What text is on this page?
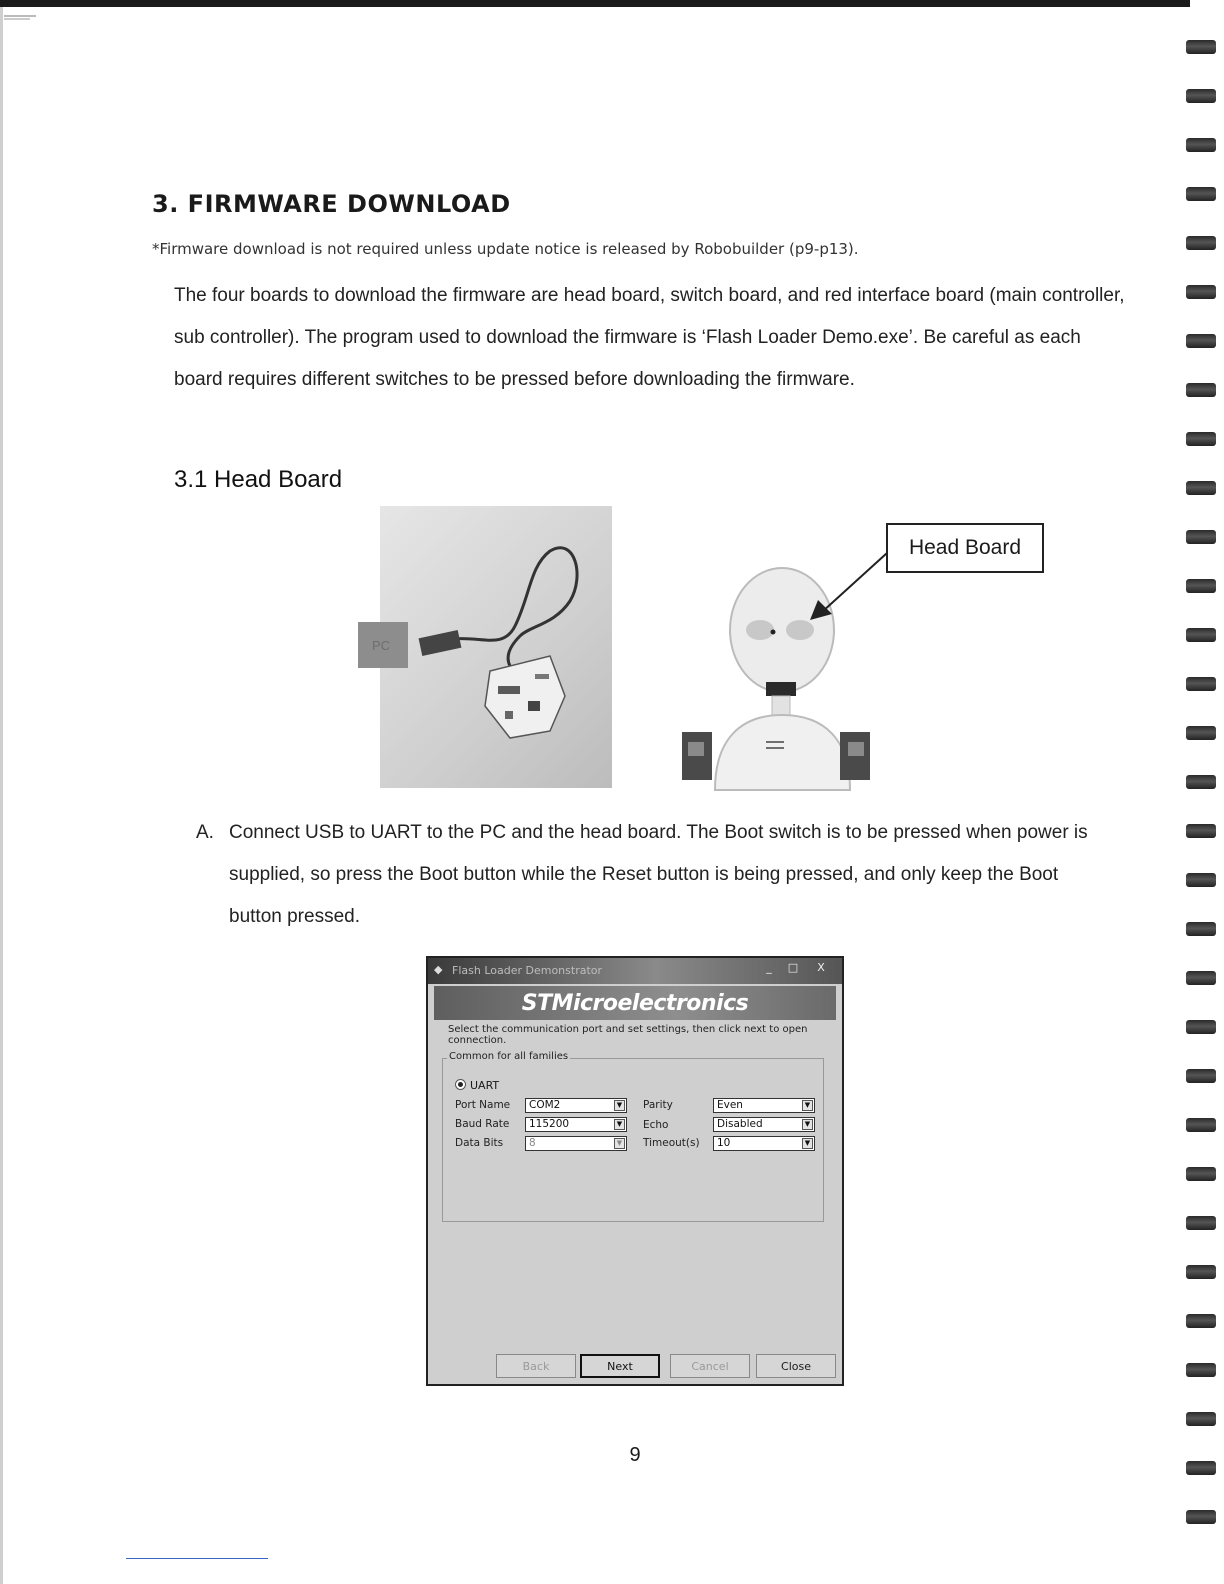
3. FIRMWARE DOWNLOAD
*Firmware download is not required unless update notice is released by Robobuilder (p9-p13).
The four boards to download the firmware are head board, switch board, and red interface board (main controller, sub controller). The program used to download the firmware is ‘Flash Loader Demo.exe’. Be careful as each board requires different switches to be pressed before downloading the firmware.
3.1 Head Board
PC
Head Board
A. Connect USB to UART to the PC and the head board. The Boot switch is to be pressed when power is supplied, so press the Boot button while the Reset button is being pressed, and only keep the Boot button pressed.
◆ Flash Loader Demonstrator	_	□	X
STMicroelectronics
Select the communication port and set settings, then click next to open connection.
Common for all families
UART
Port Name	COM2	▼
Baud Rate	115200	▼
Data Bits	8	▼
Parity	Even	▼
Echo	Disabled	▼
Timeout(s)	10	▼
Back	Next	Cancel	Close
9
